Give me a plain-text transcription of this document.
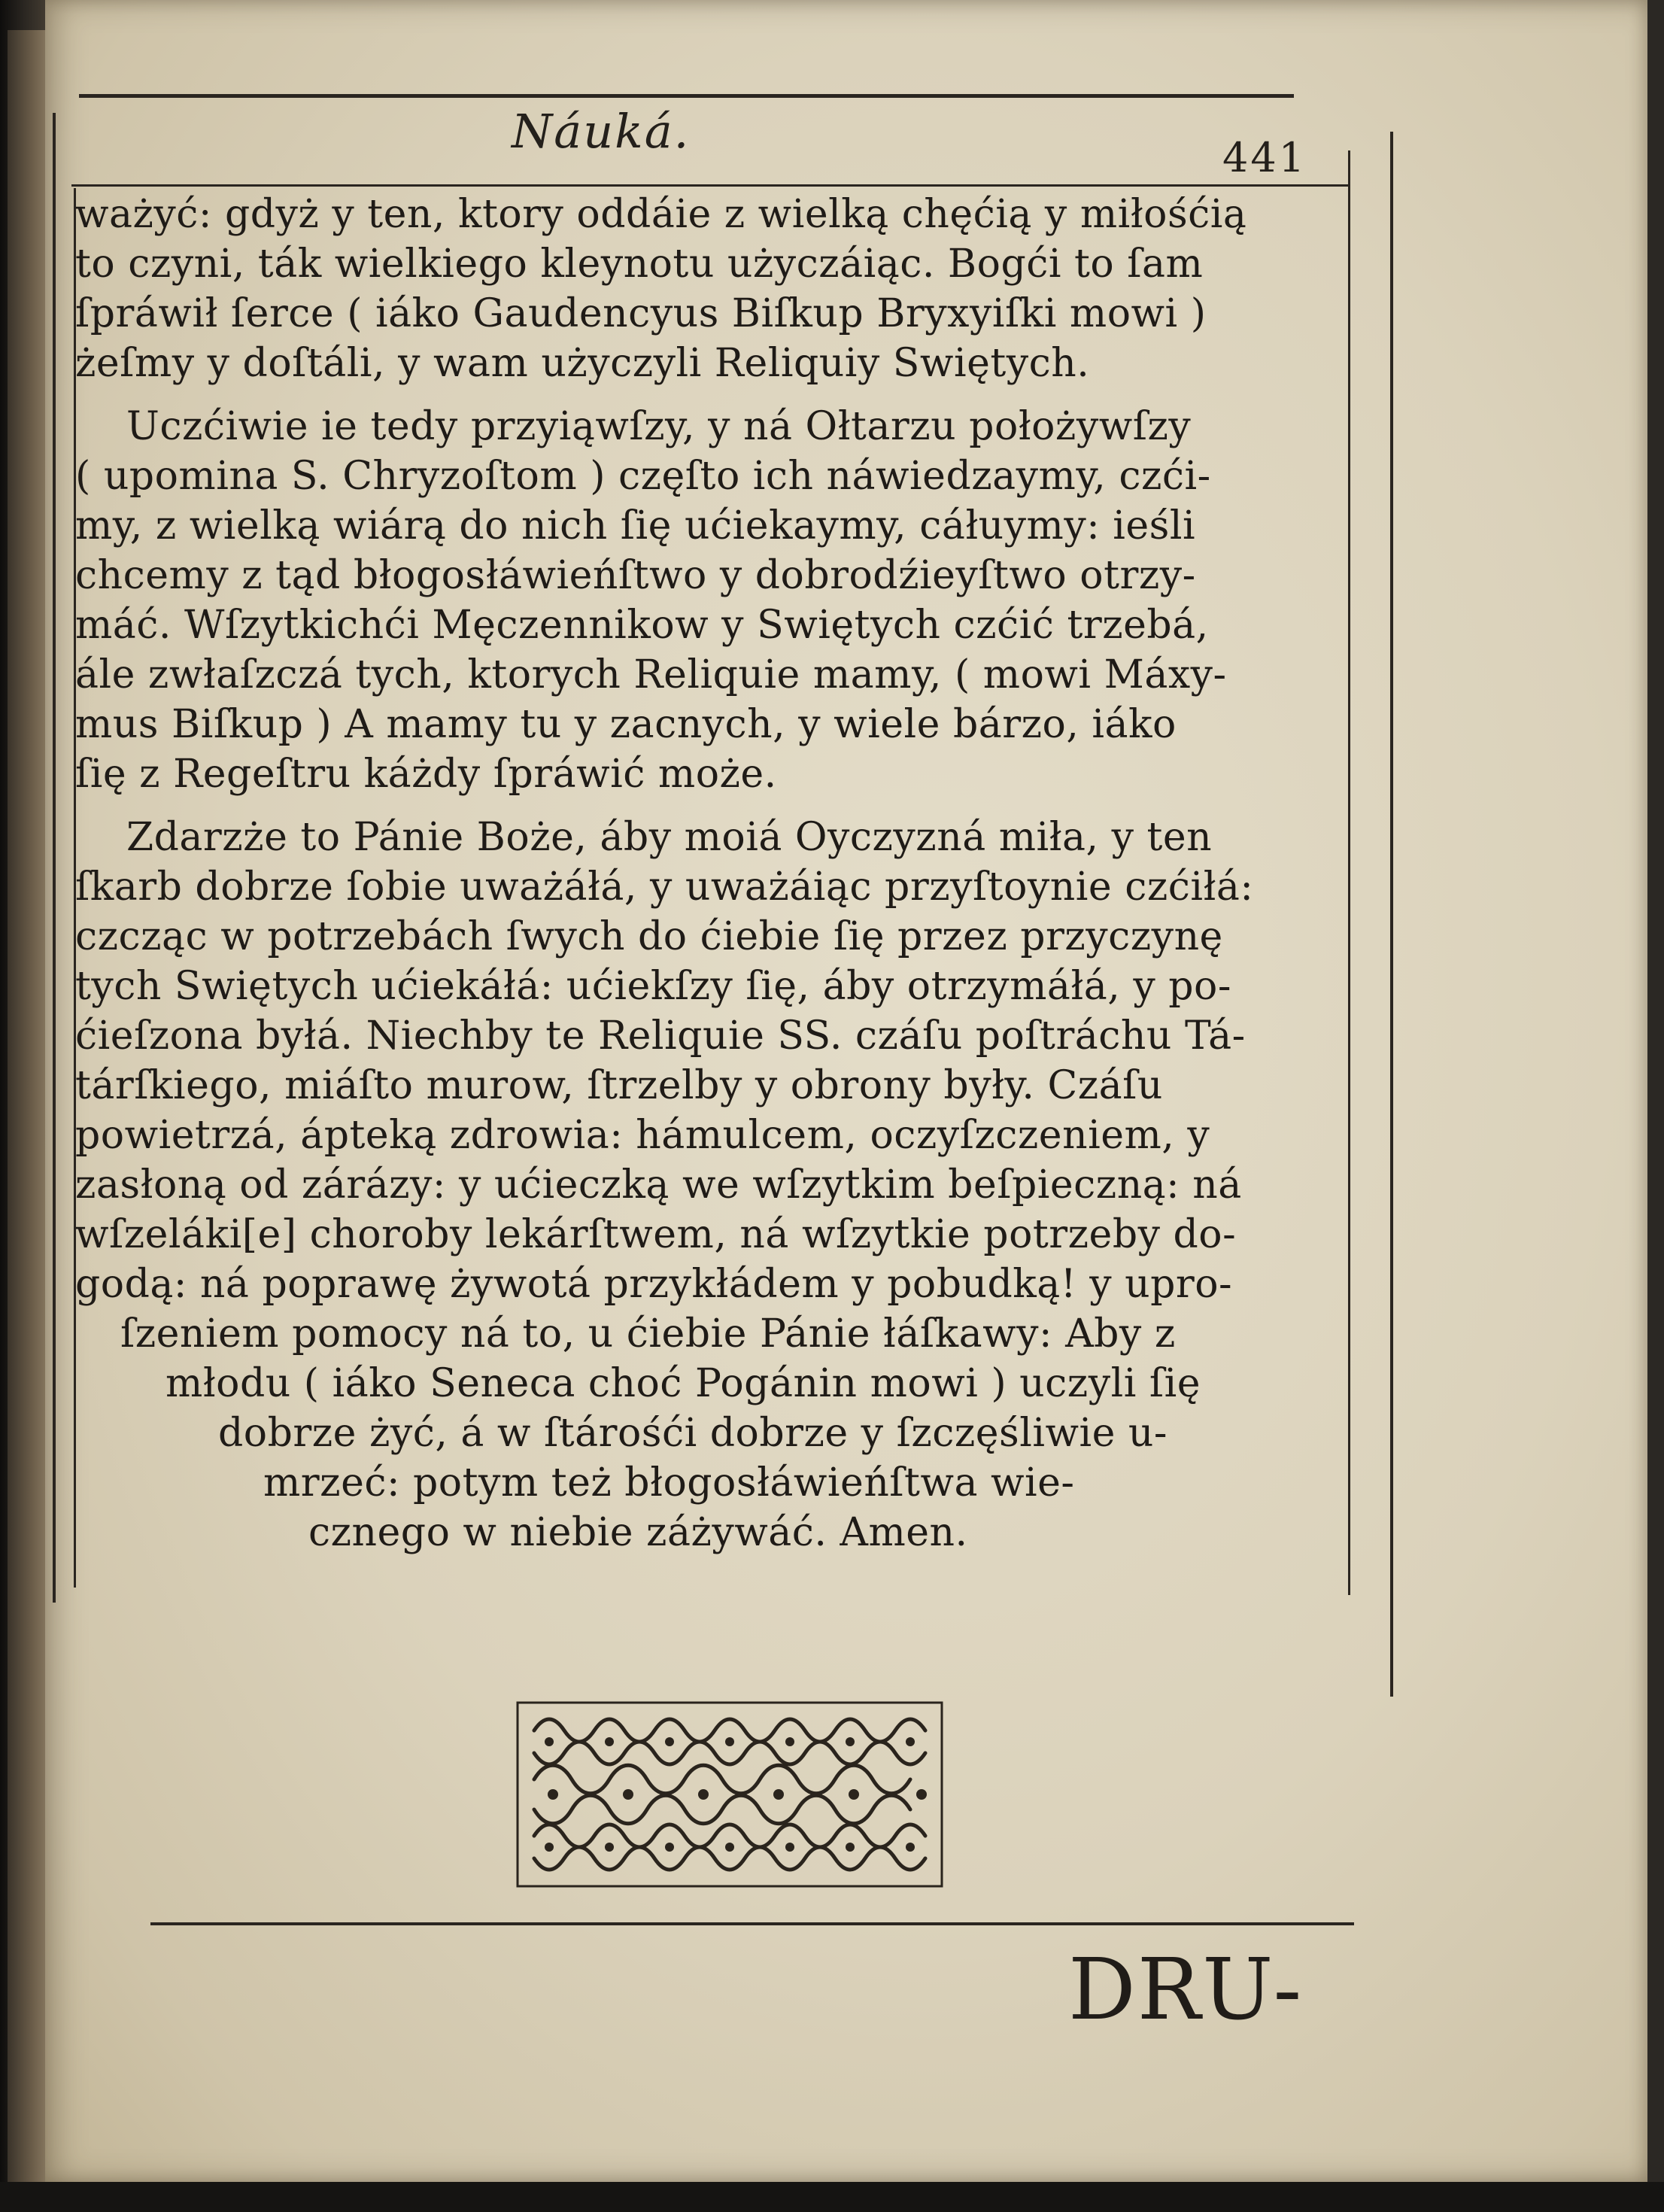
Náuká.	441
ważyć: gdyż y ten, ktory oddáie z wielką chęćią y miłośćią
to czyni, ták wielkiego kleynotu użyczáiąc. Bogći to ſam
ſpráwił ſerce ( iáko Gaudencyus Biſkup Bryxyiſki mowi )
żeſmy y doſtáli, y wam użyczyli Reliquiy Swiętych.
Uczćiwie ie tedy przyiąwſzy, y ná Ołtarzu położywſzy
( upomina S. Chryzoſtom ) częſto ich náwiedzaymy, czći-
my, z wielką wiárą do nich ſię ućiekaymy, cáłuymy: ieśli
chcemy z tąd błogosłáwieńſtwo y dobrodźieyſtwo otrzy-
máć. Wſzytkichći Męczennikow y Swiętych czćić trzebá,
ále zwłaſzczá tych, ktorych Reliquie mamy, ( mowi Máxy-
mus Biſkup ) A mamy tu y zacnych, y wiele bárzo, iáko
ſię z Regeſtru káżdy ſpráwić może.
Zdarzże to Pánie Boże, áby moiá Oyczyzná miła, y ten
ſkarb dobrze ſobie uważáłá, y uważáiąc przyſtoynie czćiłá:
czcząc w potrzebách ſwych do ćiebie ſię przez przyczynę
tych Swiętych ućiekáłá: ućiekſzy ſię, áby otrzymáłá, y po-
ćieſzona byłá. Niechby te Reliquie SS. czáſu poſtráchu Tá-
tárſkiego, miáſto murow, ſtrzelby y obrony były. Czáſu
powietrzá, ápteką zdrowia: hámulcem, oczyſzczeniem, y
zasłoną od zárázy: y ućieczką we wſzytkim beſpieczną: ná
wſzeláki[e] choroby lekárſtwem, ná wſzytkie potrzeby do-
godą: ná poprawę żywotá przykłádem y pobudką! y upro-
ſzeniem pomocy ná to, u ćiebie Pánie łáſkawy: Aby z
młodu ( iáko Seneca choć Pogánin mowi ) uczyli ſię
dobrze żyć, á w ſtárośći dobrze y ſzczęśliwie u-
mrzeć: potym też błogosłáwieńſtwa wie-
cznego w niebie záżywáć. Amen.
DRU-
